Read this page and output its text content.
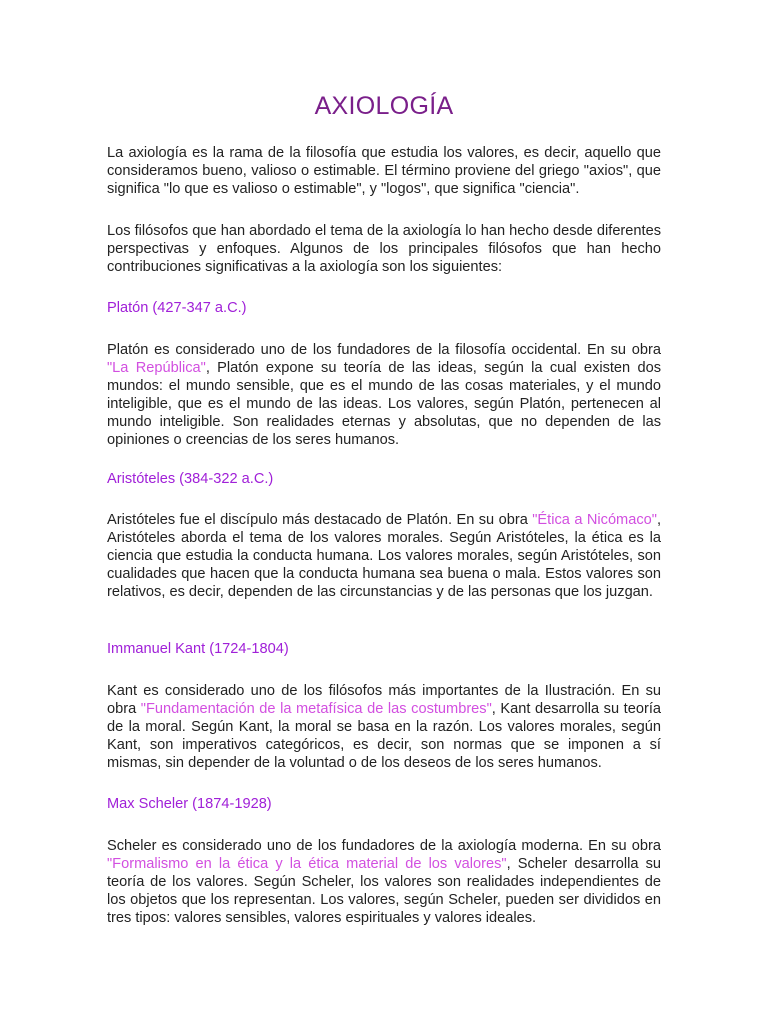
AXIOLOGÍA

La axiología es la rama de la filosofía que estudia los valores, es decir, aquello que consideramos bueno, valioso o estimable. El término proviene del griego "axios", que significa "lo que es valioso o estimable", y "logos", que significa "ciencia".

Los filósofos que han abordado el tema de la axiología lo han hecho desde diferentes perspectivas y enfoques. Algunos de los principales filósofos que han hecho contribuciones significativas a la axiología son los siguientes:

Platón (427-347 a.C.)

Platón es considerado uno de los fundadores de la filosofía occidental. En su obra "La República", Platón expone su teoría de las ideas, según la cual existen dos mundos: el mundo sensible, que es el mundo de las cosas materiales, y el mundo inteligible, que es el mundo de las ideas. Los valores, según Platón, pertenecen al mundo inteligible. Son realidades eternas y absolutas, que no dependen de las opiniones o creencias de los seres humanos.

Aristóteles (384-322 a.C.)

Aristóteles fue el discípulo más destacado de Platón. En su obra "Ética a Nicómaco", Aristóteles aborda el tema de los valores morales. Según Aristóteles, la ética es la ciencia que estudia la conducta humana. Los valores morales, según Aristóteles, son cualidades que hacen que la conducta humana sea buena o mala. Estos valores son relativos, es decir, dependen de las circunstancias y de las personas que los juzgan.

Immanuel Kant (1724-1804)

Kant es considerado uno de los filósofos más importantes de la Ilustración. En su obra "Fundamentación de la metafísica de las costumbres", Kant desarrolla su teoría de la moral. Según Kant, la moral se basa en la razón. Los valores morales, según Kant, son imperativos categóricos, es decir, son normas que se imponen a sí mismas, sin depender de la voluntad o de los deseos de los seres humanos.

Max Scheler (1874-1928)

Scheler es considerado uno de los fundadores de la axiología moderna. En su obra "Formalismo en la ética y la ética material de los valores", Scheler desarrolla su teoría de los valores. Según Scheler, los valores son realidades independientes de los objetos que los representan. Los valores, según Scheler, pueden ser divididos en tres tipos: valores sensibles, valores espirituales y valores ideales.
